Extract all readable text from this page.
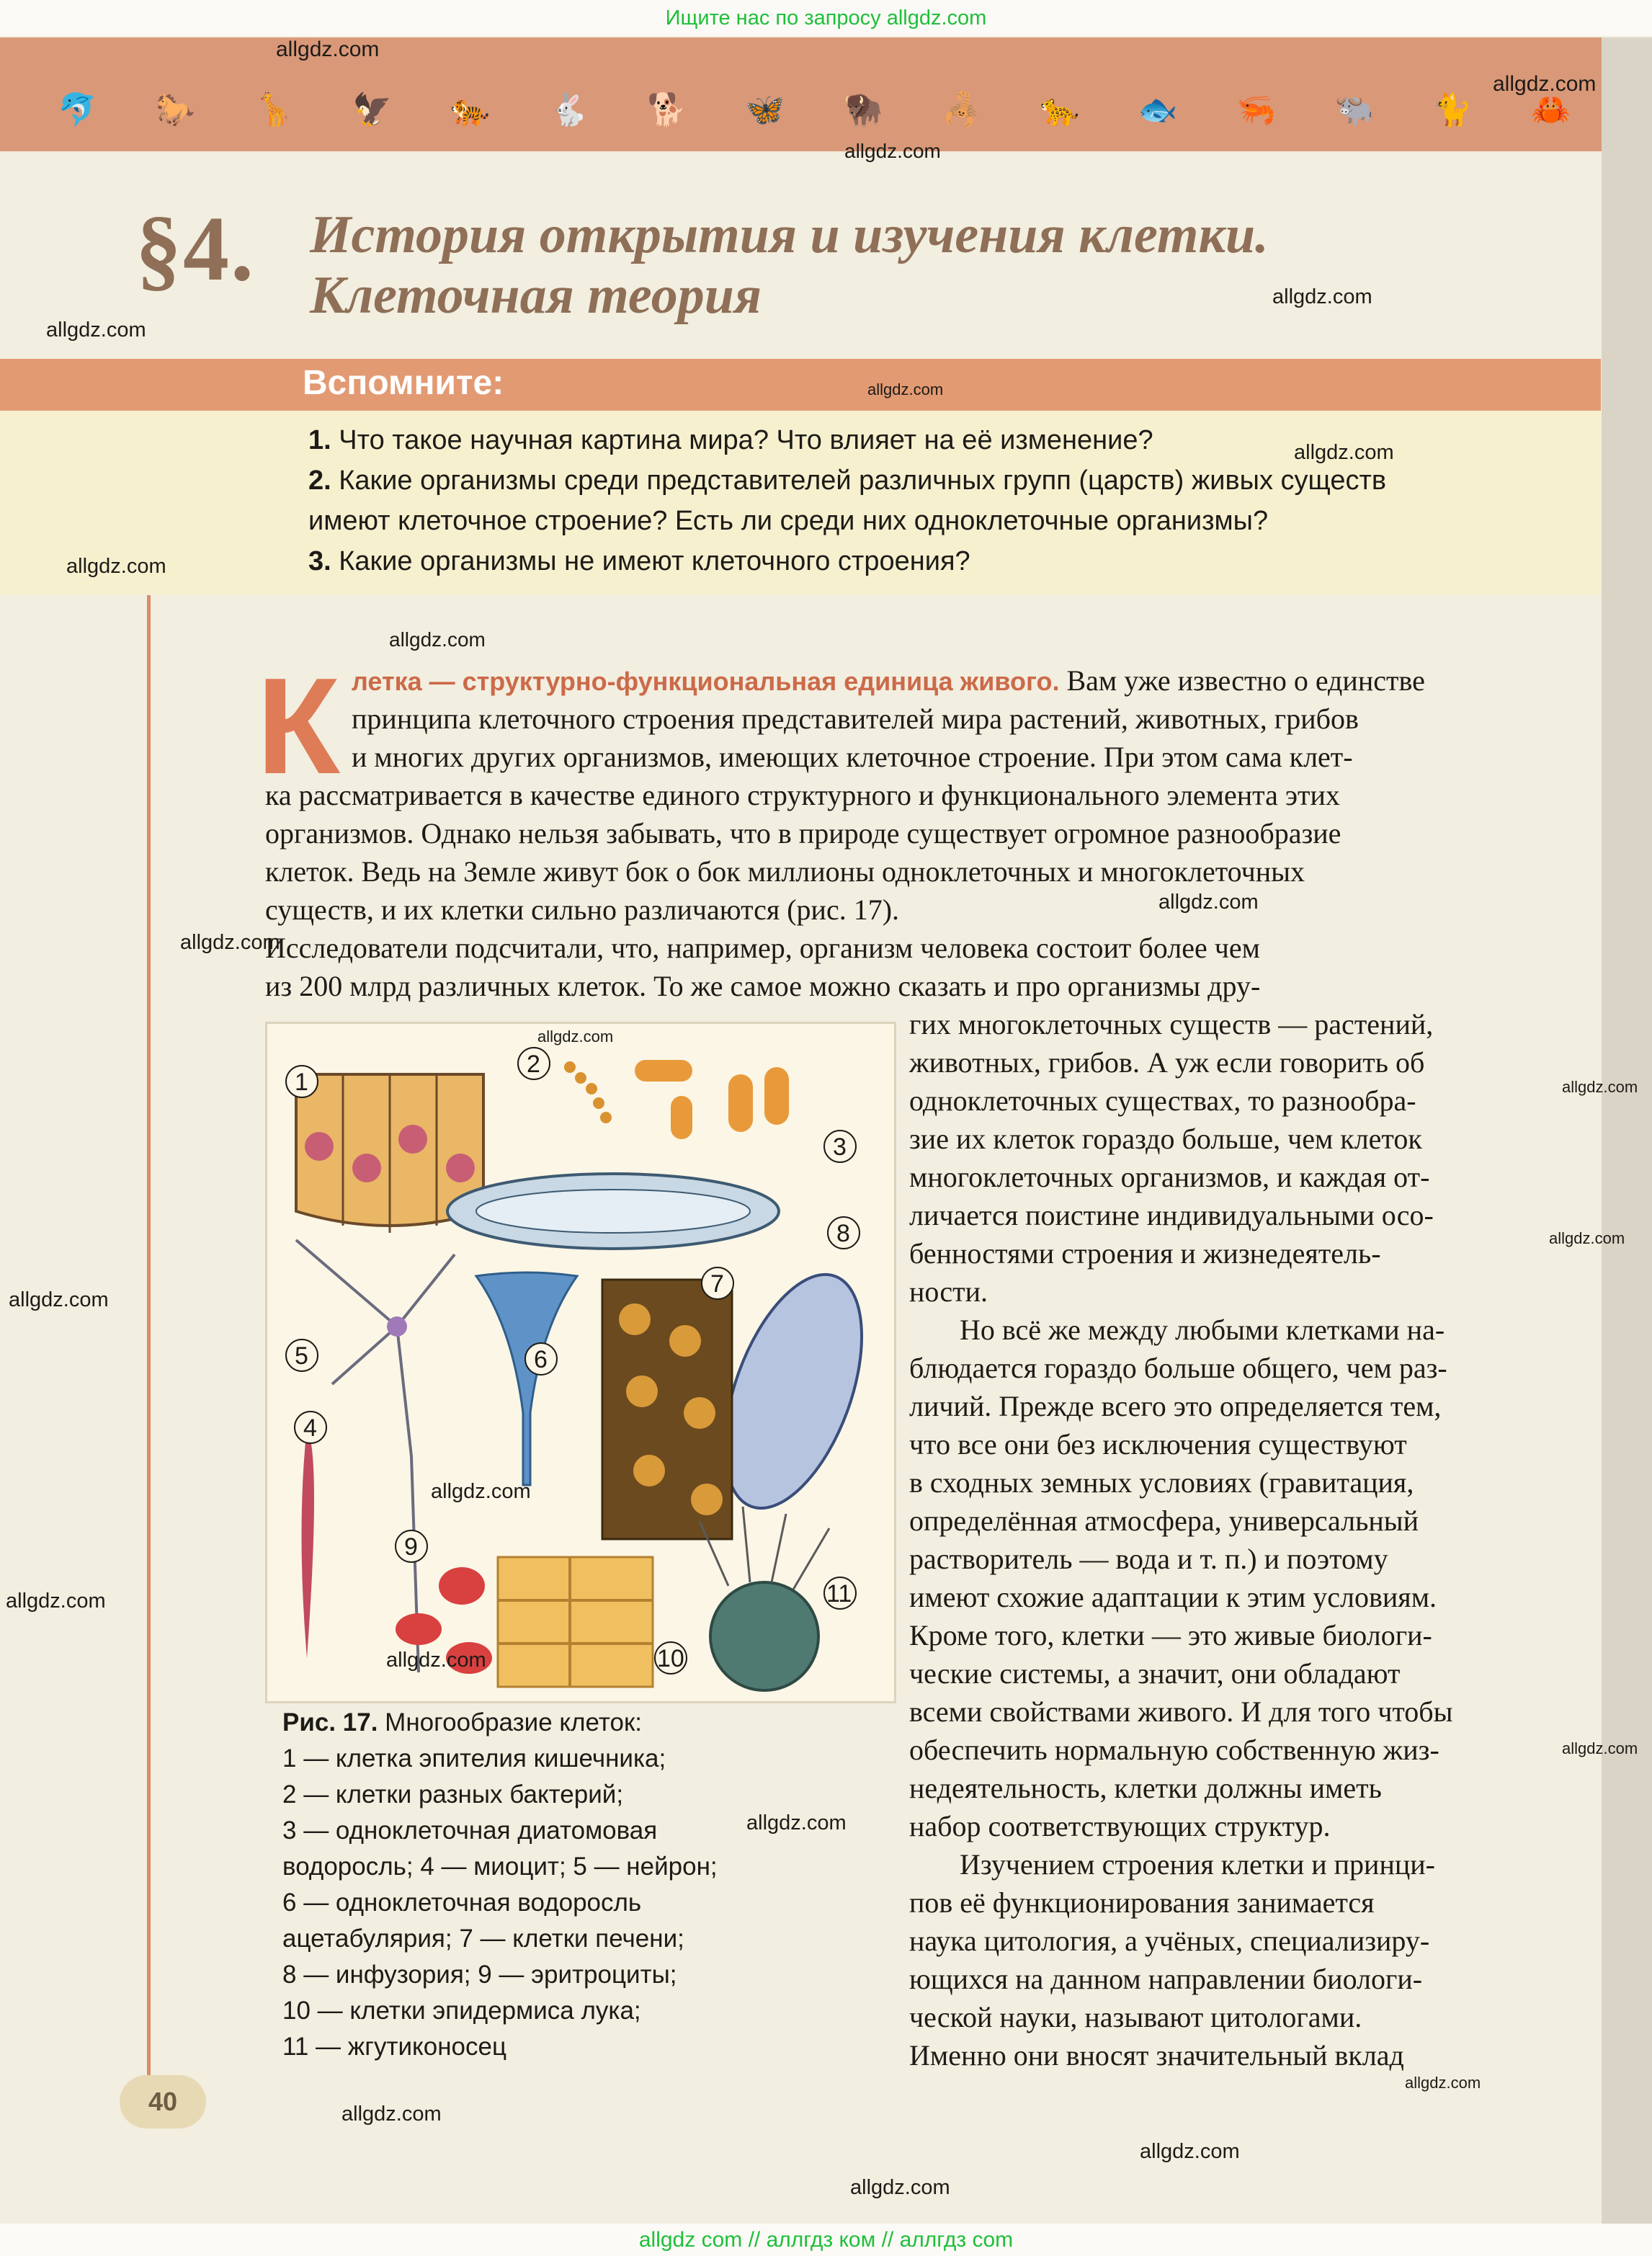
Ищите нас по запросу allgdz.com
🐬 🐎 🦒 🦅 🐅 🐇 🐕 🦋 🦬 🦂 🐆 🐟 🦐 🐃 🐈 🦀
§4. История открытия и изучения клетки.
Клеточная теория
Вспомните:
1. Что такое научная картина мира? Что влияет на её изменение?
2. Какие организмы среди представителей различных групп (царств) живых существ
имеют клеточное строение? Есть ли среди них одноклеточные организмы?
3. Какие организмы не имеют клеточного строения?
К летка — структурно-функциональная единица живого. Вам уже известно о единстве
принципа клеточного строения представителей мира растений, животных, грибов
и многих других организмов, имеющих клеточное строение. При этом сама клет-
ка рассматривается в качестве единого структурного и функционального элемента этих
организмов. Однако нельзя забывать, что в природе существует огромное разнообразие
клеток. Ведь на Земле живут бок о бок миллионы одноклеточных и многоклеточных
существ, и их клетки сильно различаются (рис. 17).
Исследователи подсчитали, что, например, организм человека состоит более чем
из 200 млрд различных клеток. То же самое можно сказать и про организмы дру-
гих многоклеточных существ — растений,
животных, грибов. А уж если говорить об
одноклеточных существах, то разнообра-
зие их клеток гораздо больше, чем клеток
многоклеточных организмов, и каждая от-
личается поистине индивидуальными осо-
бенностями строения и жизнедеятель-
ности.
Но всё же между любыми клетками на-
блюдается гораздо больше общего, чем раз-
личий. Прежде всего это определяется тем,
что все они без исключения существуют
в сходных земных условиях (гравитация,
определённая атмосфера, универсальный
растворитель — вода и т. п.) и поэтому
имеют схожие адаптации к этим условиям.
Кроме того, клетки — это живые биологи-
ческие системы, а значит, они обладают
всеми свойствами живого. И для того чтобы
обеспечить нормальную собственную жиз-
недеятельность, клетки должны иметь
набор соответствующих структур.
Изучением строения клетки и принци-
пов её функционирования занимается
наука цитология, а учёных, специализиру-
ющихся на данном направлении биологи-
ческой науки, называют цитологами.
Именно они вносят значительный вклад
1
2
3
4
5	6
7
8
9
10
11
Рис. 17. Многообразие клеток:
1 — клетка эпителия кишечника;
2 — клетки разных бактерий;
3 — одноклеточная диатомовая
водоросль; 4 — миоцит; 5 — нейрон;
6 — одноклеточная водоросль
ацетабулярия; 7 — клетки печени;
8 — инфузория; 9 — эритроциты;
10 — клетки эпидермиса лука;
11 — жгутиконосец
40
allgdz.com
allgdz.com
allgdz.com
allgdz.com
allgdz.com
allgdz.com
allgdz.com
allgdz.com
allgdz.com
allgdz.com
allgdz.com
allgdz.com
allgdz.com
allgdz.com
allgdz.com
allgdz.com
allgdz.com
allgdz.com
allgdz.com
allgdz.com
allgdz.com
allgdz.com
allgdz.com
allgdz.com
allgdz com // аллгдз ком // аллгдз com
